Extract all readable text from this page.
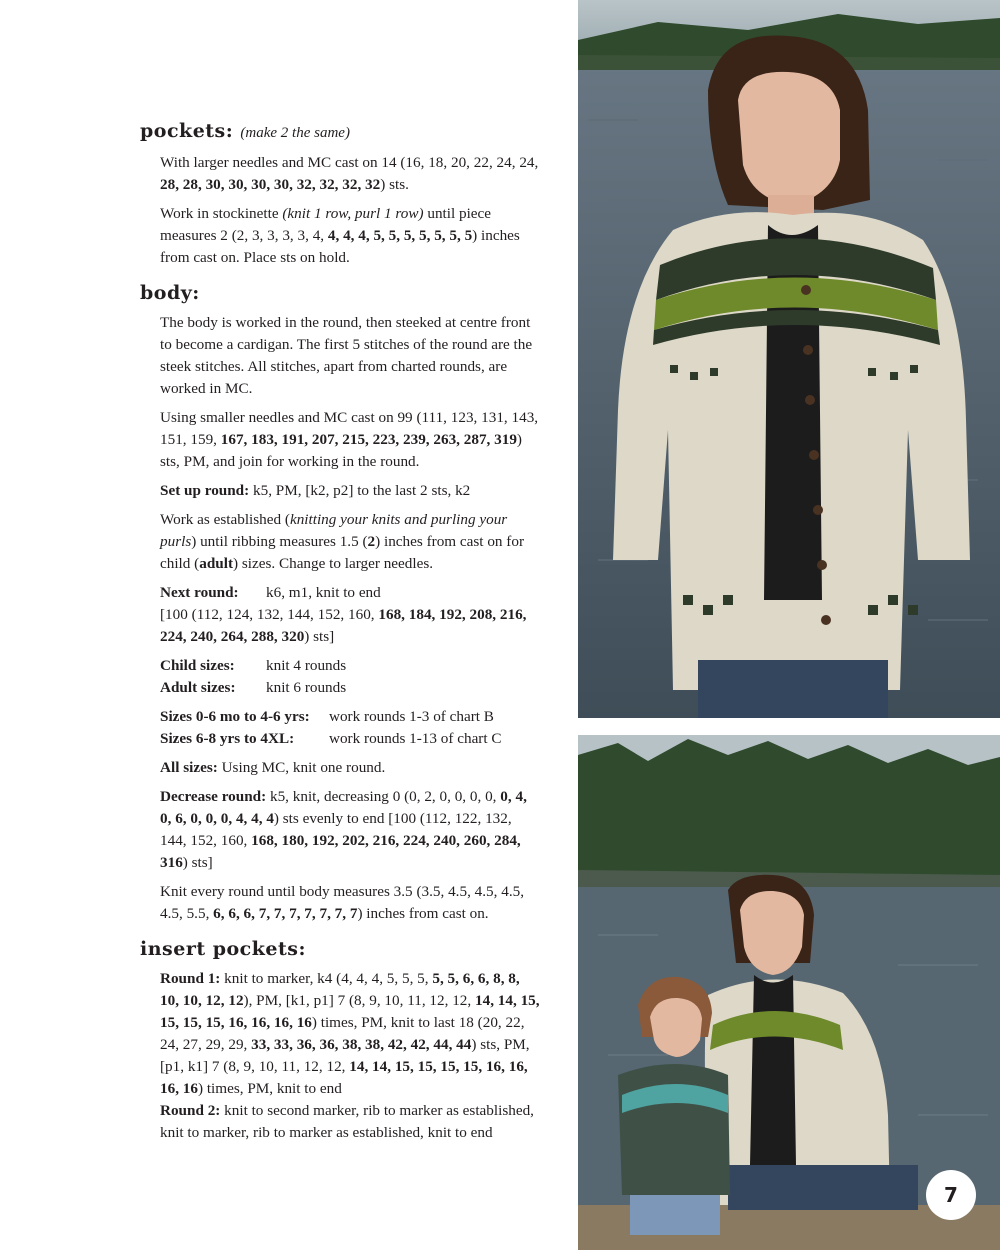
pockets: (make 2 the same)

With larger needles and MC cast on 14 (16, 18, 20, 22, 24, 24, 28, 28, 30, 30, 30, 30, 32, 32, 32, 32) sts.

Work in stockinette (knit 1 row, purl 1 row) until piece measures 2 (2, 3, 3, 3, 3, 4, 4, 4, 4, 5, 5, 5, 5, 5, 5, 5) inches from cast on. Place sts on hold.

body:

The body is worked in the round, then steeked at centre front to become a cardigan. The first 5 stitches of the round are the steek stitches. All stitches, apart from charted rounds, are worked in MC.

Using smaller needles and MC cast on 99 (111, 123, 131, 143, 151, 159, 167, 183, 191, 207, 215, 223, 239, 263, 287, 319) sts, PM, and join for working in the round.

Set up round: k5, PM, [k2, p2] to the last 2 sts, k2

Work as established (knitting your knits and purling your purls) until ribbing measures 1.5 (2) inches from cast on for child (adult) sizes. Change to larger needles.

Next round:	k6, m1, knit to end

[100 (112, 124, 132, 144, 152, 160, 168, 184, 192, 208, 216, 224, 240, 264, 288, 320) sts]

Child sizes:	knit 4 rounds
Adult sizes:	knit 6 rounds
Sizes 0-6 mo to 4-6 yrs:	work rounds 1-3 of chart B
Sizes 6-8 yrs to 4XL:	work rounds 1-13 of chart C

All sizes: Using MC, knit one round.

Decrease round: k5, knit, decreasing 0 (0, 2, 0, 0, 0, 0, 0, 4, 0, 6, 0, 0, 0, 4, 4, 4) sts evenly to end [100 (112, 122, 132, 144, 152, 160, 168, 180, 192, 202, 216, 224, 240, 260, 284, 316) sts]

Knit every round until body measures 3.5 (3.5, 4.5, 4.5, 4.5, 4.5, 5.5, 6, 6, 6, 7, 7, 7, 7, 7, 7, 7) inches from cast on.

insert pockets:

Round 1: knit to marker, k4 (4, 4, 4, 5, 5, 5, 5, 5, 6, 6, 8, 8, 10, 10, 12, 12), PM, [k1, p1] 7 (8, 9, 10, 11, 12, 12, 14, 14, 15, 15, 15, 15, 16, 16, 16, 16) times, PM, knit to last 18 (20, 22, 24, 27, 29, 29, 33, 33, 36, 36, 38, 38, 42, 42, 44, 44) sts, PM, [p1, k1] 7 (8, 9, 10, 11, 12, 12, 14, 14, 15, 15, 15, 15, 16, 16, 16, 16) times, PM, knit to end

Round 2: knit to second marker, rib to marker as established, knit to marker, rib to marker as established, knit to end

7
